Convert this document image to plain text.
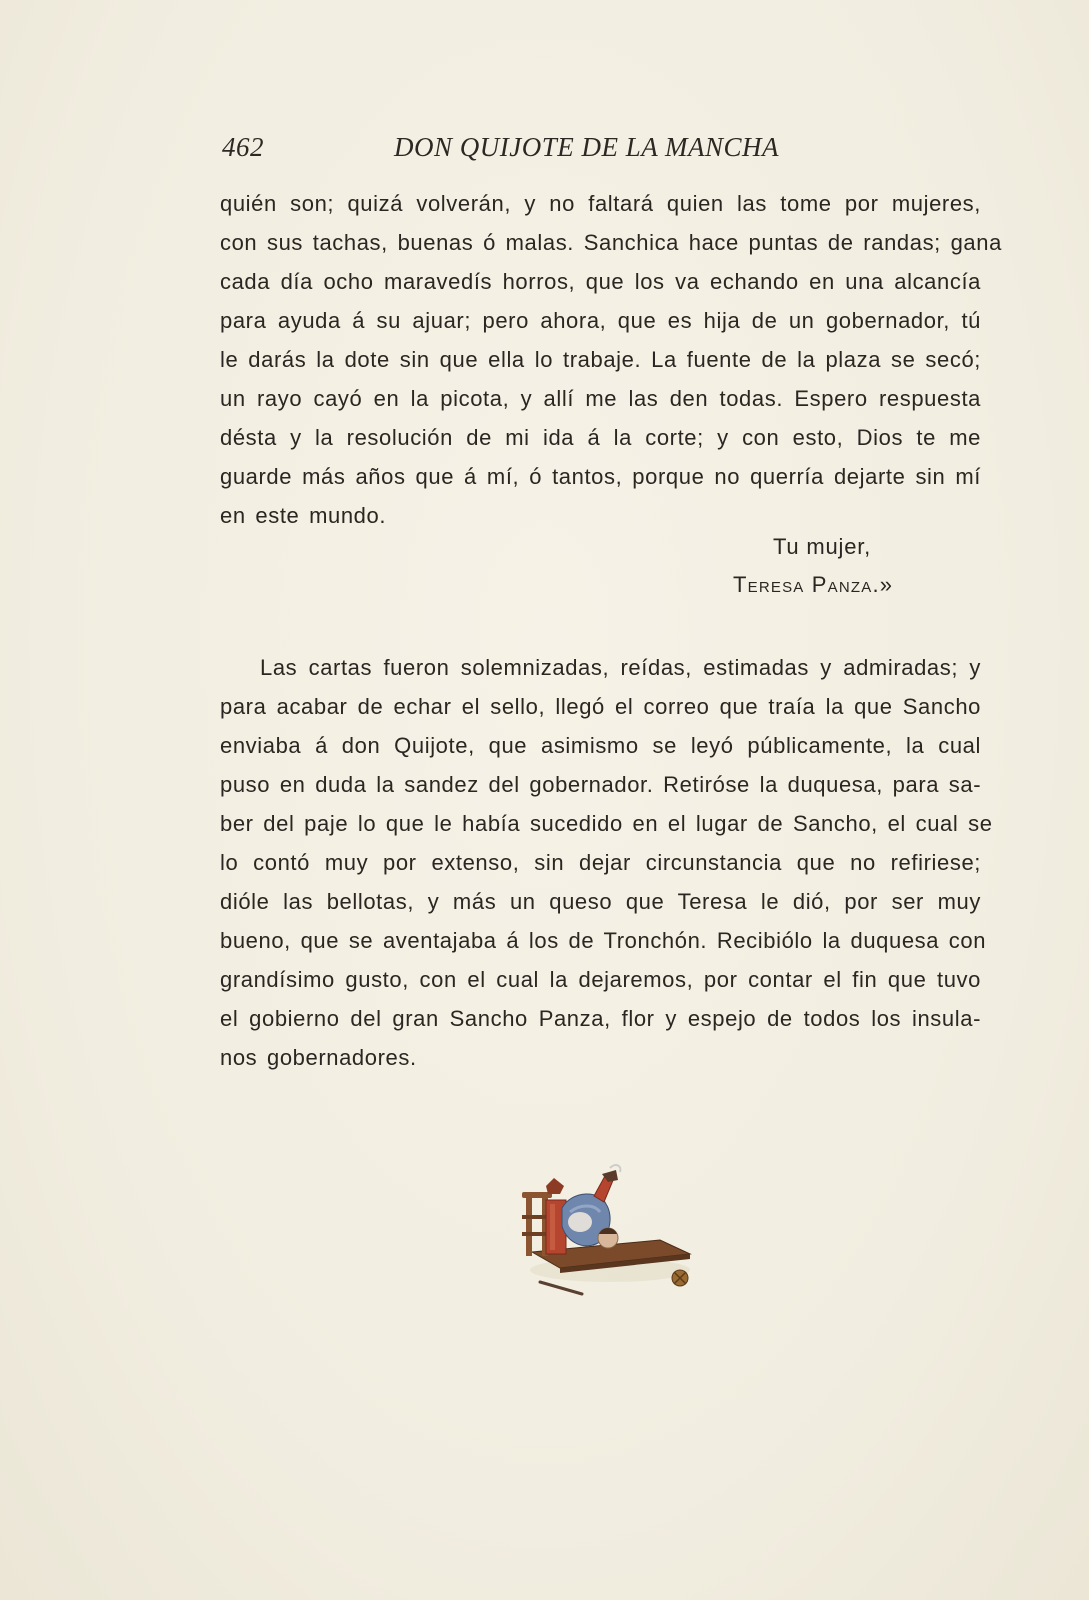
462	DON QUIJOTE DE LA MANCHA
quién son; quizá volverán, y no faltará quien las tome por mujeres,
con sus tachas, buenas ó malas. Sanchica hace puntas de randas; gana
cada día ocho maravedís horros, que los va echando en una alcancía
para ayuda á su ajuar; pero ahora, que es hija de un gobernador, tú
le darás la dote sin que ella lo trabaje. La fuente de la plaza se secó;
un rayo cayó en la picota, y allí me las den todas. Espero respuesta
désta y la resolución de mi ida á la corte; y con esto, Dios te me
guarde más años que á mí, ó tantos, porque no querría dejarte sin mí
en este mundo.
Tu mujer,
Teresa Panza.»
Las cartas fueron solemnizadas, reídas, estimadas y admiradas; y
para acabar de echar el sello, llegó el correo que traía la que Sancho
enviaba á don Quijote, que asimismo se leyó públicamente, la cual
puso en duda la sandez del gobernador. Retiróse la duquesa, para sa-
ber del paje lo que le había sucedido en el lugar de Sancho, el cual se
lo contó muy por extenso, sin dejar circunstancia que no refiriese;
dióle las bellotas, y más un queso que Teresa le dió, por ser muy
bueno, que se aventajaba á los de Tronchón. Recibiólo la duquesa con
grandísimo gusto, con el cual la dejaremos, por contar el fin que tuvo
el gobierno del gran Sancho Panza, flor y espejo de todos los insula-
nos gobernadores.
